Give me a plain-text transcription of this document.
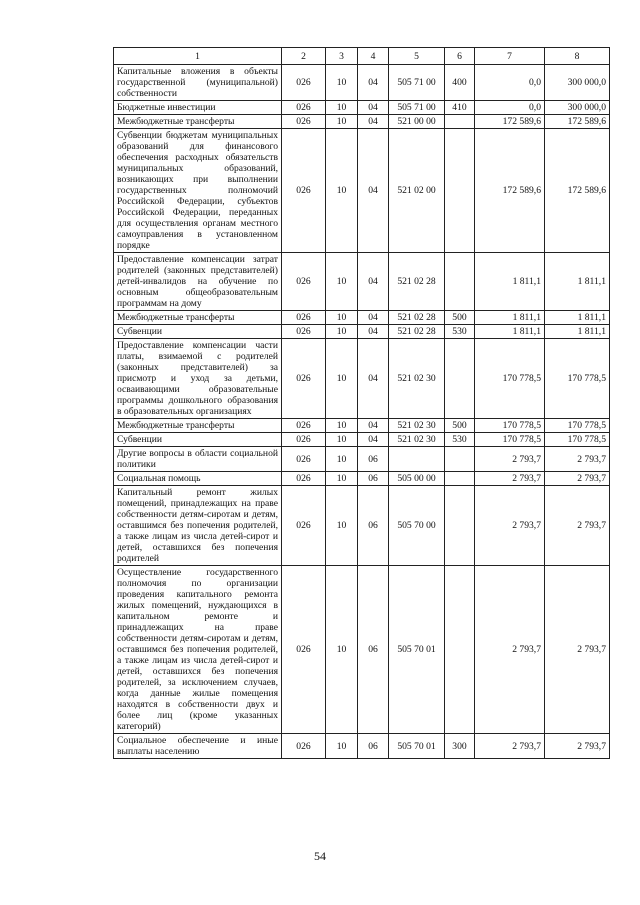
1	2	3	4	5	6	7	8
Капитальные вложения в объекты государственной (муниципальной) собственности	026	10	04	505 71 00	400	0,0	300 000,0
Бюджетные инвестиции	026	10	04	505 71 00	410	0,0	300 000,0
Межбюджетные трансферты	026	10	04	521 00 00		172 589,6	172 589,6
Субвенции бюджетам муниципальных образований для финансового обеспечения расходных обязательств муниципальных образований, возникающих при выполнении государственных полномочий Российской Федерации, субъектов Российской Федерации, переданных для осуществления органам местного самоуправления в установленном порядке	026	10	04	521 02 00		172 589,6	172 589,6
Предоставление компенсации затрат родителей (законных представителей) детей-инвалидов на обучение по основным общеобразовательным программам на дому	026	10	04	521 02 28		1 811,1	1 811,1
Межбюджетные трансферты	026	10	04	521 02 28	500	1 811,1	1 811,1
Субвенции	026	10	04	521 02 28	530	1 811,1	1 811,1
Предоставление компенсации части платы, взимаемой с родителей (законных представителей) за присмотр и уход за детьми, осваивающими образовательные программы дошкольного образования в образовательных организациях	026	10	04	521 02 30		170 778,5	170 778,5
Межбюджетные трансферты	026	10	04	521 02 30	500	170 778,5	170 778,5
Субвенции	026	10	04	521 02 30	530	170 778,5	170 778,5
Другие вопросы в области социальной политики	026	10	06			2 793,7	2 793,7
Социальная помощь	026	10	06	505 00 00		2 793,7	2 793,7
Капитальный ремонт жилых помещений, принадлежащих на праве собственности детям-сиротам и детям, оставшимся без попечения родителей, а также лицам из числа детей-сирот и детей, оставшихся без попечения родителей	026	10	06	505 70 00		2 793,7	2 793,7
Осуществление государственного полномочия по организации проведения капитального ремонта жилых помещений, нуждающихся в капитальном ремонте и принадлежащих на праве собственности детям-сиротам и детям, оставшимся без попечения родителей, а также лицам из числа детей-сирот и детей, оставшихся без попечения родителей, за исключением случаев, когда данные жилые помещения находятся в собственности двух и более лиц (кроме указанных категорий)	026	10	06	505 70 01		2 793,7	2 793,7
Социальное обеспечение и иные выплаты населению	026	10	06	505 70 01	300	2 793,7	2 793,7
54
